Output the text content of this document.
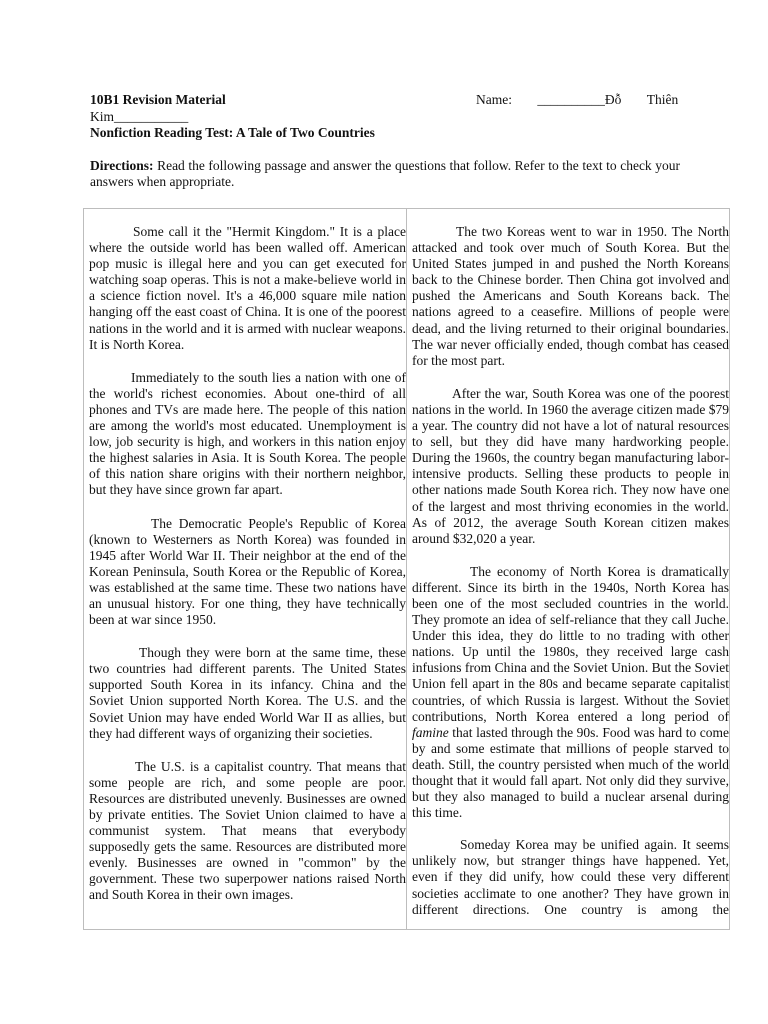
10B1 Revision Material	Name: __________Đỗ Thiên
Kim___________
Nonfiction Reading Test: A Tale of Two Countries
Directions: Read the following passage and answer the questions that follow. Refer to the text to check your answers when appropriate.

Some call it the "Hermit Kingdom." It is a place where the outside world has been walled off. American pop music is illegal here and you can get executed for watching soap operas. This is not a make-believe world in a science fiction novel. It's a 46,000 square mile nation hanging off the east coast of China. It is one of the poorest nations in the world and it is armed with nuclear weapons. It is North Korea.

Immediately to the south lies a nation with one of the world's richest economies. About one-third of all phones and TVs are made here. The people of this nation are among the world's most educated. Unemployment is low, job security is high, and workers in this nation enjoy the highest salaries in Asia. It is South Korea. The people of this nation share origins with their northern neighbor, but they have since grown far apart.

The Democratic People's Republic of Korea (known to Westerners as North Korea) was founded in 1945 after World War II. Their neighbor at the end of the Korean Peninsula, South Korea or the Republic of Korea, was established at the same time. These two nations have an unusual history. For one thing, they have technically been at war since 1950.

Though they were born at the same time, these two countries had different parents. The United States supported South Korea in its infancy. China and the Soviet Union supported North Korea. The U.S. and the Soviet Union may have ended World War II as allies, but they had different ways of organizing their societies.

The U.S. is a capitalist country. That means that some people are rich, and some people are poor. Resources are distributed unevenly. Businesses are owned by private entities. The Soviet Union claimed to have a communist system. That means that everybody supposedly gets the same. Resources are distributed more evenly. Businesses are owned in "common" by the government. These two superpower nations raised North and South Korea in their own images.

The two Koreas went to war in 1950. The North attacked and took over much of South Korea. But the United States jumped in and pushed the North Koreans back to the Chinese border. Then China got involved and pushed the Americans and South Koreans back. The nations agreed to a ceasefire. Millions of people were dead, and the living returned to their original boundaries. The war never officially ended, though combat has ceased for the most part.

After the war, South Korea was one of the poorest nations in the world. In 1960 the average citizen made $79 a year. The country did not have a lot of natural resources to sell, but they did have many hardworking people. During the 1960s, the country began manufacturing labor-intensive products. Selling these products to people in other nations made South Korea rich. They now have one of the largest and most thriving economies in the world. As of 2012, the average South Korean citizen makes around $32,020 a year.

The economy of North Korea is dramatically different. Since its birth in the 1940s, North Korea has been one of the most secluded countries in the world. They promote an idea of self-reliance that they call Juche. Under this idea, they do little to no trading with other nations. Up until the 1980s, they received large cash infusions from China and the Soviet Union. But the Soviet Union fell apart in the 80s and became separate capitalist countries, of which Russia is largest. Without the Soviet contributions, North Korea entered a long period of famine that lasted through the 90s. Food was hard to come by and some estimate that millions of people starved to death. Still, the country persisted when much of the world thought that it would fall apart. Not only did they survive, but they also managed to build a nuclear arsenal during this time.

Someday Korea may be unified again. It seems unlikely now, but stranger things have happened. Yet, even if they did unify, how could these very different societies acclimate to one another? They have grown in different directions. One country is among the
